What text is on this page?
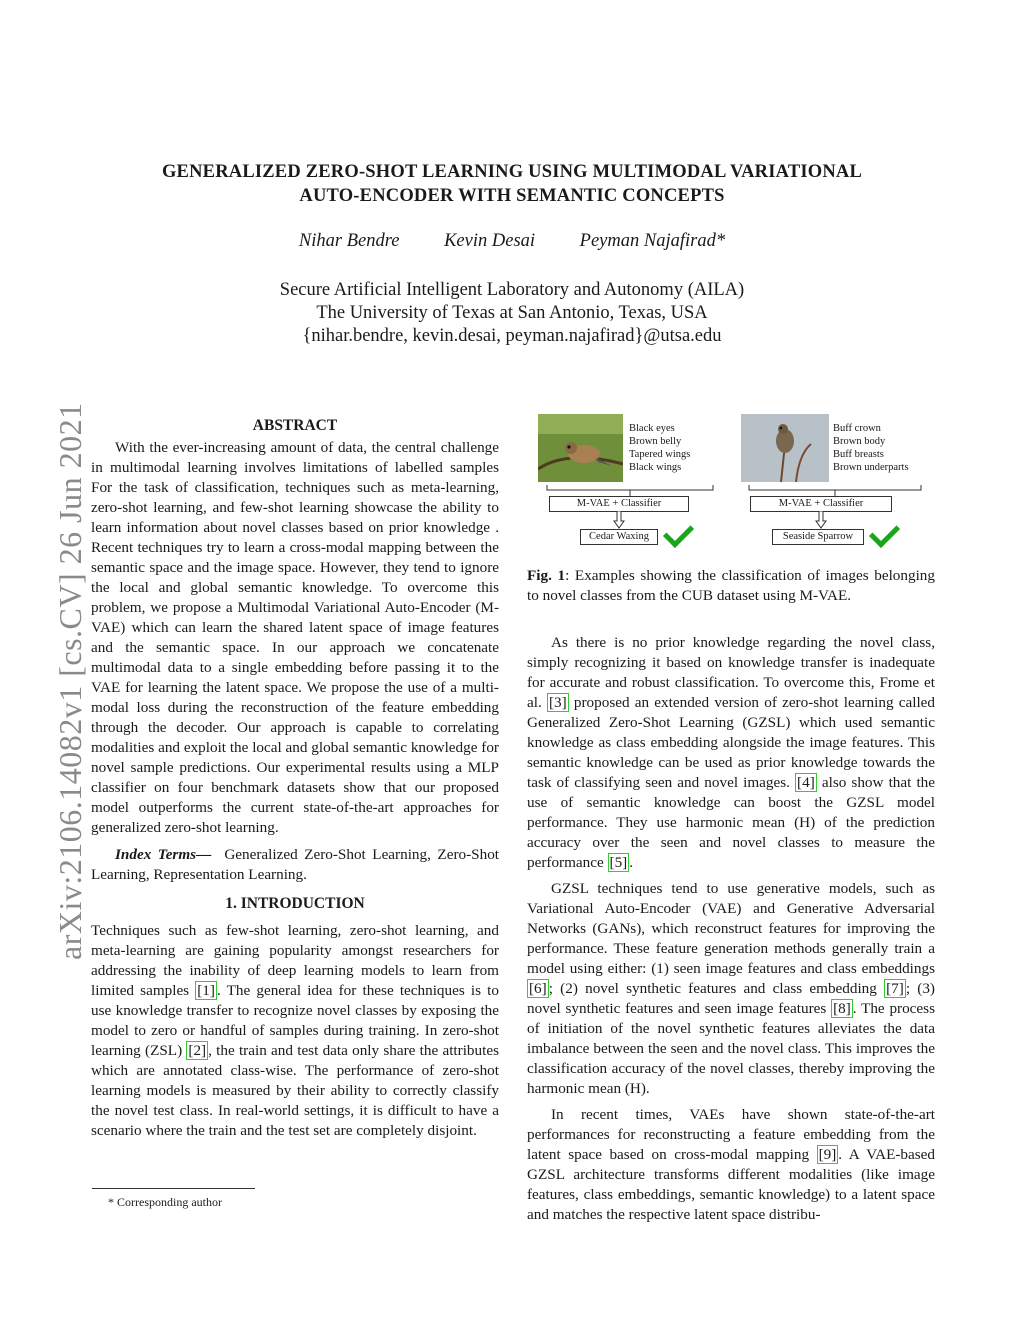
GENERALIZED ZERO-SHOT LEARNING USING MULTIMODAL VARIATIONAL
AUTO-ENCODER WITH SEMANTIC CONCEPTS
Nihar Bendre Kevin Desai Peyman Najafirad*
Secure Artificial Intelligent Laboratory and Autonomy (AILA)
The University of Texas at San Antonio, Texas, USA
{nihar.bendre, kevin.desai, peyman.najafirad}@utsa.edu
arXiv:2106.14082v1 [cs.CV] 26 Jun 2021	ABSTRACT

With the ever-increasing amount of data, the central challenge in multimodal learning involves limitations of labelled samples For the task of classification, techniques such as meta-learning, zero-shot learning, and few-shot learning showcase the ability to learn information about novel classes based on prior knowledge . Recent techniques try to learn a cross-modal mapping between the semantic space and the image space. However, they tend to ignore the local and global semantic knowledge. To overcome this problem, we propose a Multimodal Variational Auto-Encoder (M-VAE) which can learn the shared latent space of image features and the semantic space. In our approach we concatenate multimodal data to a single embedding before passing it to the VAE for learning the latent space. We propose the use of a multi-modal loss during the reconstruction of the feature embedding through the decoder. Our approach is capable to correlating modalities and exploit the local and global semantic knowledge for novel sample predictions. Our experimental results using a MLP classifier on four benchmark datasets show that our proposed model outperforms the current state-of-the-art approaches for generalized zero-shot learning.

Index Terms— Generalized Zero-Shot Learning, Zero-Shot Learning, Representation Learning.

1. INTRODUCTION

Techniques such as few-shot learning, zero-shot learning, and meta-learning are gaining popularity amongst researchers for addressing the inability of deep learning models to learn from limited samples [1] . The general idea for these techniques is to use knowledge transfer to recognize novel classes by exposing the model to zero or handful of samples during training. In zero-shot learning (ZSL) [2] , the train and test data only share the attributes which are annotated class-wise. The performance of zero-shot learning models is measured by their ability to correctly classify the novel test class. In real-world settings, it is difficult to have a scenario where the train and the test set are completely disjoint.

* Corresponding author
Black eyes
Brown belly
Tapered wings
Black wings
M-VAE + Classifier
Cedar Waxing
Buff crown
Brown body
Buff breasts
Brown underparts
M-VAE + Classifier
Seaside Sparrow

Fig. 1: Examples showing the classification of images belonging to novel classes from the CUB dataset using M-VAE.

As there is no prior knowledge regarding the novel class, simply recognizing it based on knowledge transfer is inadequate for accurate and robust classification. To overcome this, Frome et al. [3] proposed an extended version of zero-shot learning called Generalized Zero-Shot Learning (GZSL) which used semantic knowledge as class embedding alongside the image features. This semantic knowledge can be used as prior knowledge towards the task of classifying seen and novel images. [4] also show that the use of semantic knowledge can boost the GZSL model performance. They use harmonic mean (H) of the prediction accuracy over the seen and novel classes to measure the performance [5] .

GZSL techniques tend to use generative models, such as Variational Auto-Encoder (VAE) and Generative Adversarial Networks (GANs), which reconstruct features for improving the performance. These feature generation methods generally train a model using either: (1) seen image features and class embeddings [6] ; (2) novel synthetic features and class embedding [7] ; (3) novel synthetic features and seen image features [8] . The process of initiation of the novel synthetic features alleviates the data imbalance between the seen and the novel class. This improves the classification accuracy of the novel classes, thereby improving the harmonic mean (H).

In recent times, VAEs have shown state-of-the-art performances for reconstructing a feature embedding from the latent space based on cross-modal mapping [9] . A VAE-based GZSL architecture transforms different modalities (like image features, class embeddings, semantic knowledge) to a latent space and matches the respective latent space distribu-
